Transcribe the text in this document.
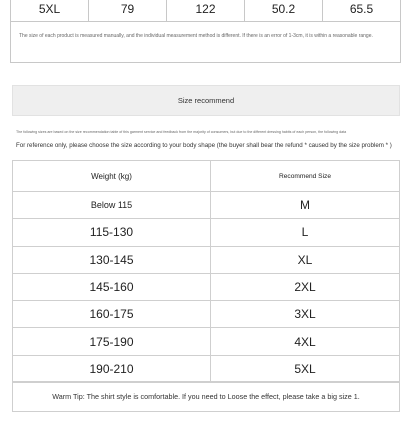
5XL	79	122	50.2	65.5
The size of each product is measured manually, and the individual measurement method is different. If there is an error of 1-3cm, it is within a reasonable range.
Size recommend
The following sizes are based on the size recommendation table of this garment service and feedback from the majority of consumers, but due to the different dressing habits of each person, the following data
For reference only, please choose the size according to your body shape (the buyer shall bear the refund * caused by the size problem * )
Weight (kg)	Recommend Size
Below 115	M
115-130	L
130-145	XL
145-160	2XL
160-175	3XL
175-190	4XL
190-210	5XL
Warm Tip: The shirt style is comfortable. If you need to Loose the effect, please take a big size 1.
